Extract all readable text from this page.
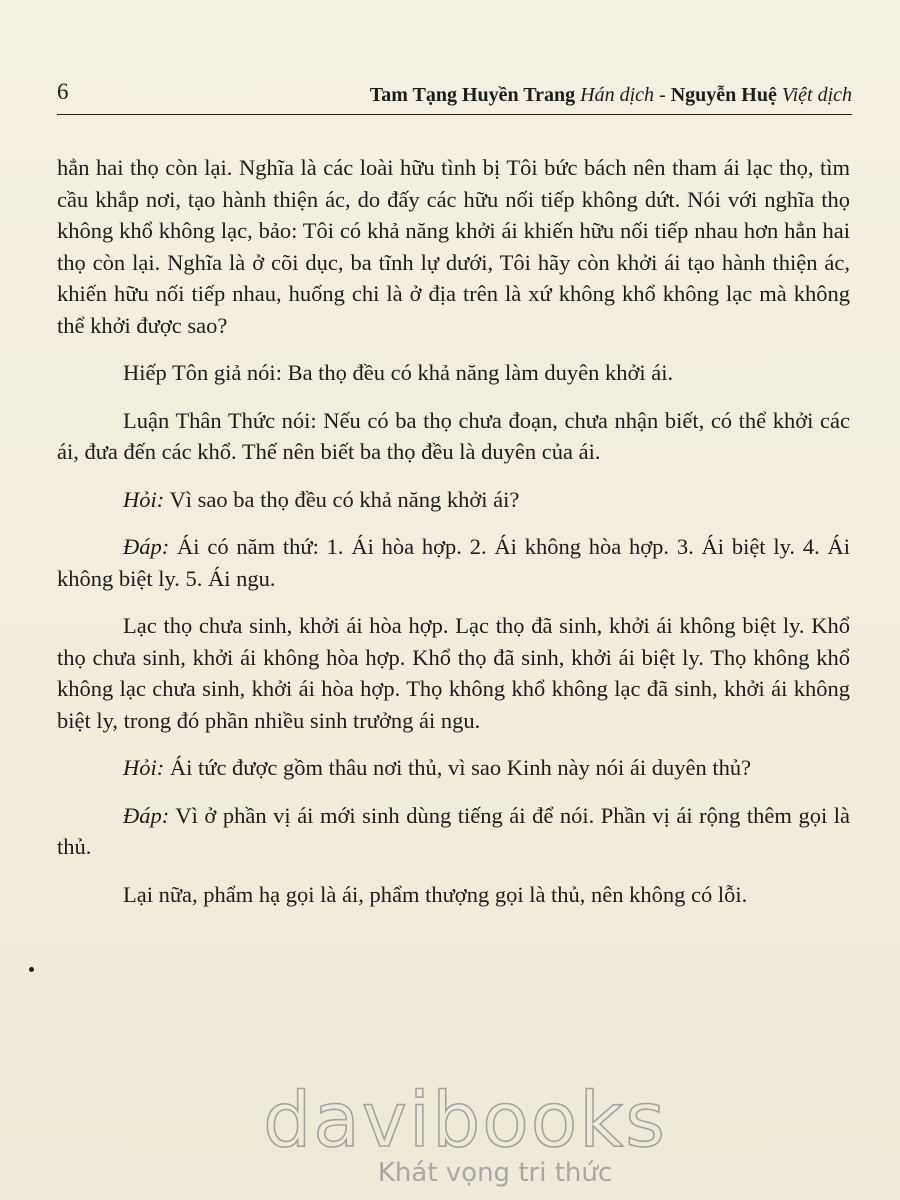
6	Tam Tạng Huyền Trang Hán dịch - Nguyễn Huệ Việt dịch

hẳn hai thọ còn lại. Nghĩa là các loài hữu tình bị Tôi bức bách nên tham ái lạc thọ, tìm cầu khắp nơi, tạo hành thiện ác, do đấy các hữu nối tiếp không dứt. Nói với nghĩa thọ không khổ không lạc, bảo: Tôi có khả năng khởi ái khiến hữu nối tiếp nhau hơn hẳn hai thọ còn lại. Nghĩa là ở cõi dục, ba tĩnh lự dưới, Tôi hãy còn khởi ái tạo hành thiện ác, khiến hữu nối tiếp nhau, huống chi là ở địa trên là xứ không khổ không lạc mà không thể khởi được sao?

Hiếp Tôn giả nói: Ba thọ đều có khả năng làm duyên khởi ái.

Luận Thân Thức nói: Nếu có ba thọ chưa đoạn, chưa nhận biết, có thể khởi các ái, đưa đến các khổ. Thế nên biết ba thọ đều là duyên của ái.

Hỏi: Vì sao ba thọ đều có khả năng khởi ái?

Đáp: Ái có năm thứ: 1. Ái hòa hợp. 2. Ái không hòa hợp. 3. Ái biệt ly. 4. Ái không biệt ly. 5. Ái ngu.

Lạc thọ chưa sinh, khởi ái hòa hợp. Lạc thọ đã sinh, khởi ái không biệt ly. Khổ thọ chưa sinh, khởi ái không hòa hợp. Khổ thọ đã sinh, khởi ái biệt ly. Thọ không khổ không lạc chưa sinh, khởi ái hòa hợp. Thọ không khổ không lạc đã sinh, khởi ái không biệt ly, trong đó phần nhiều sinh trưởng ái ngu.

Hỏi: Ái tức được gồm thâu nơi thủ, vì sao Kinh này nói ái duyên thủ?

Đáp: Vì ở phần vị ái mới sinh dùng tiếng ái để nói. Phần vị ái rộng thêm gọi là thủ.

Lại nữa, phẩm hạ gọi là ái, phẩm thượng gọi là thủ, nên không có lỗi.

davibooks
Khát vọng tri thức
